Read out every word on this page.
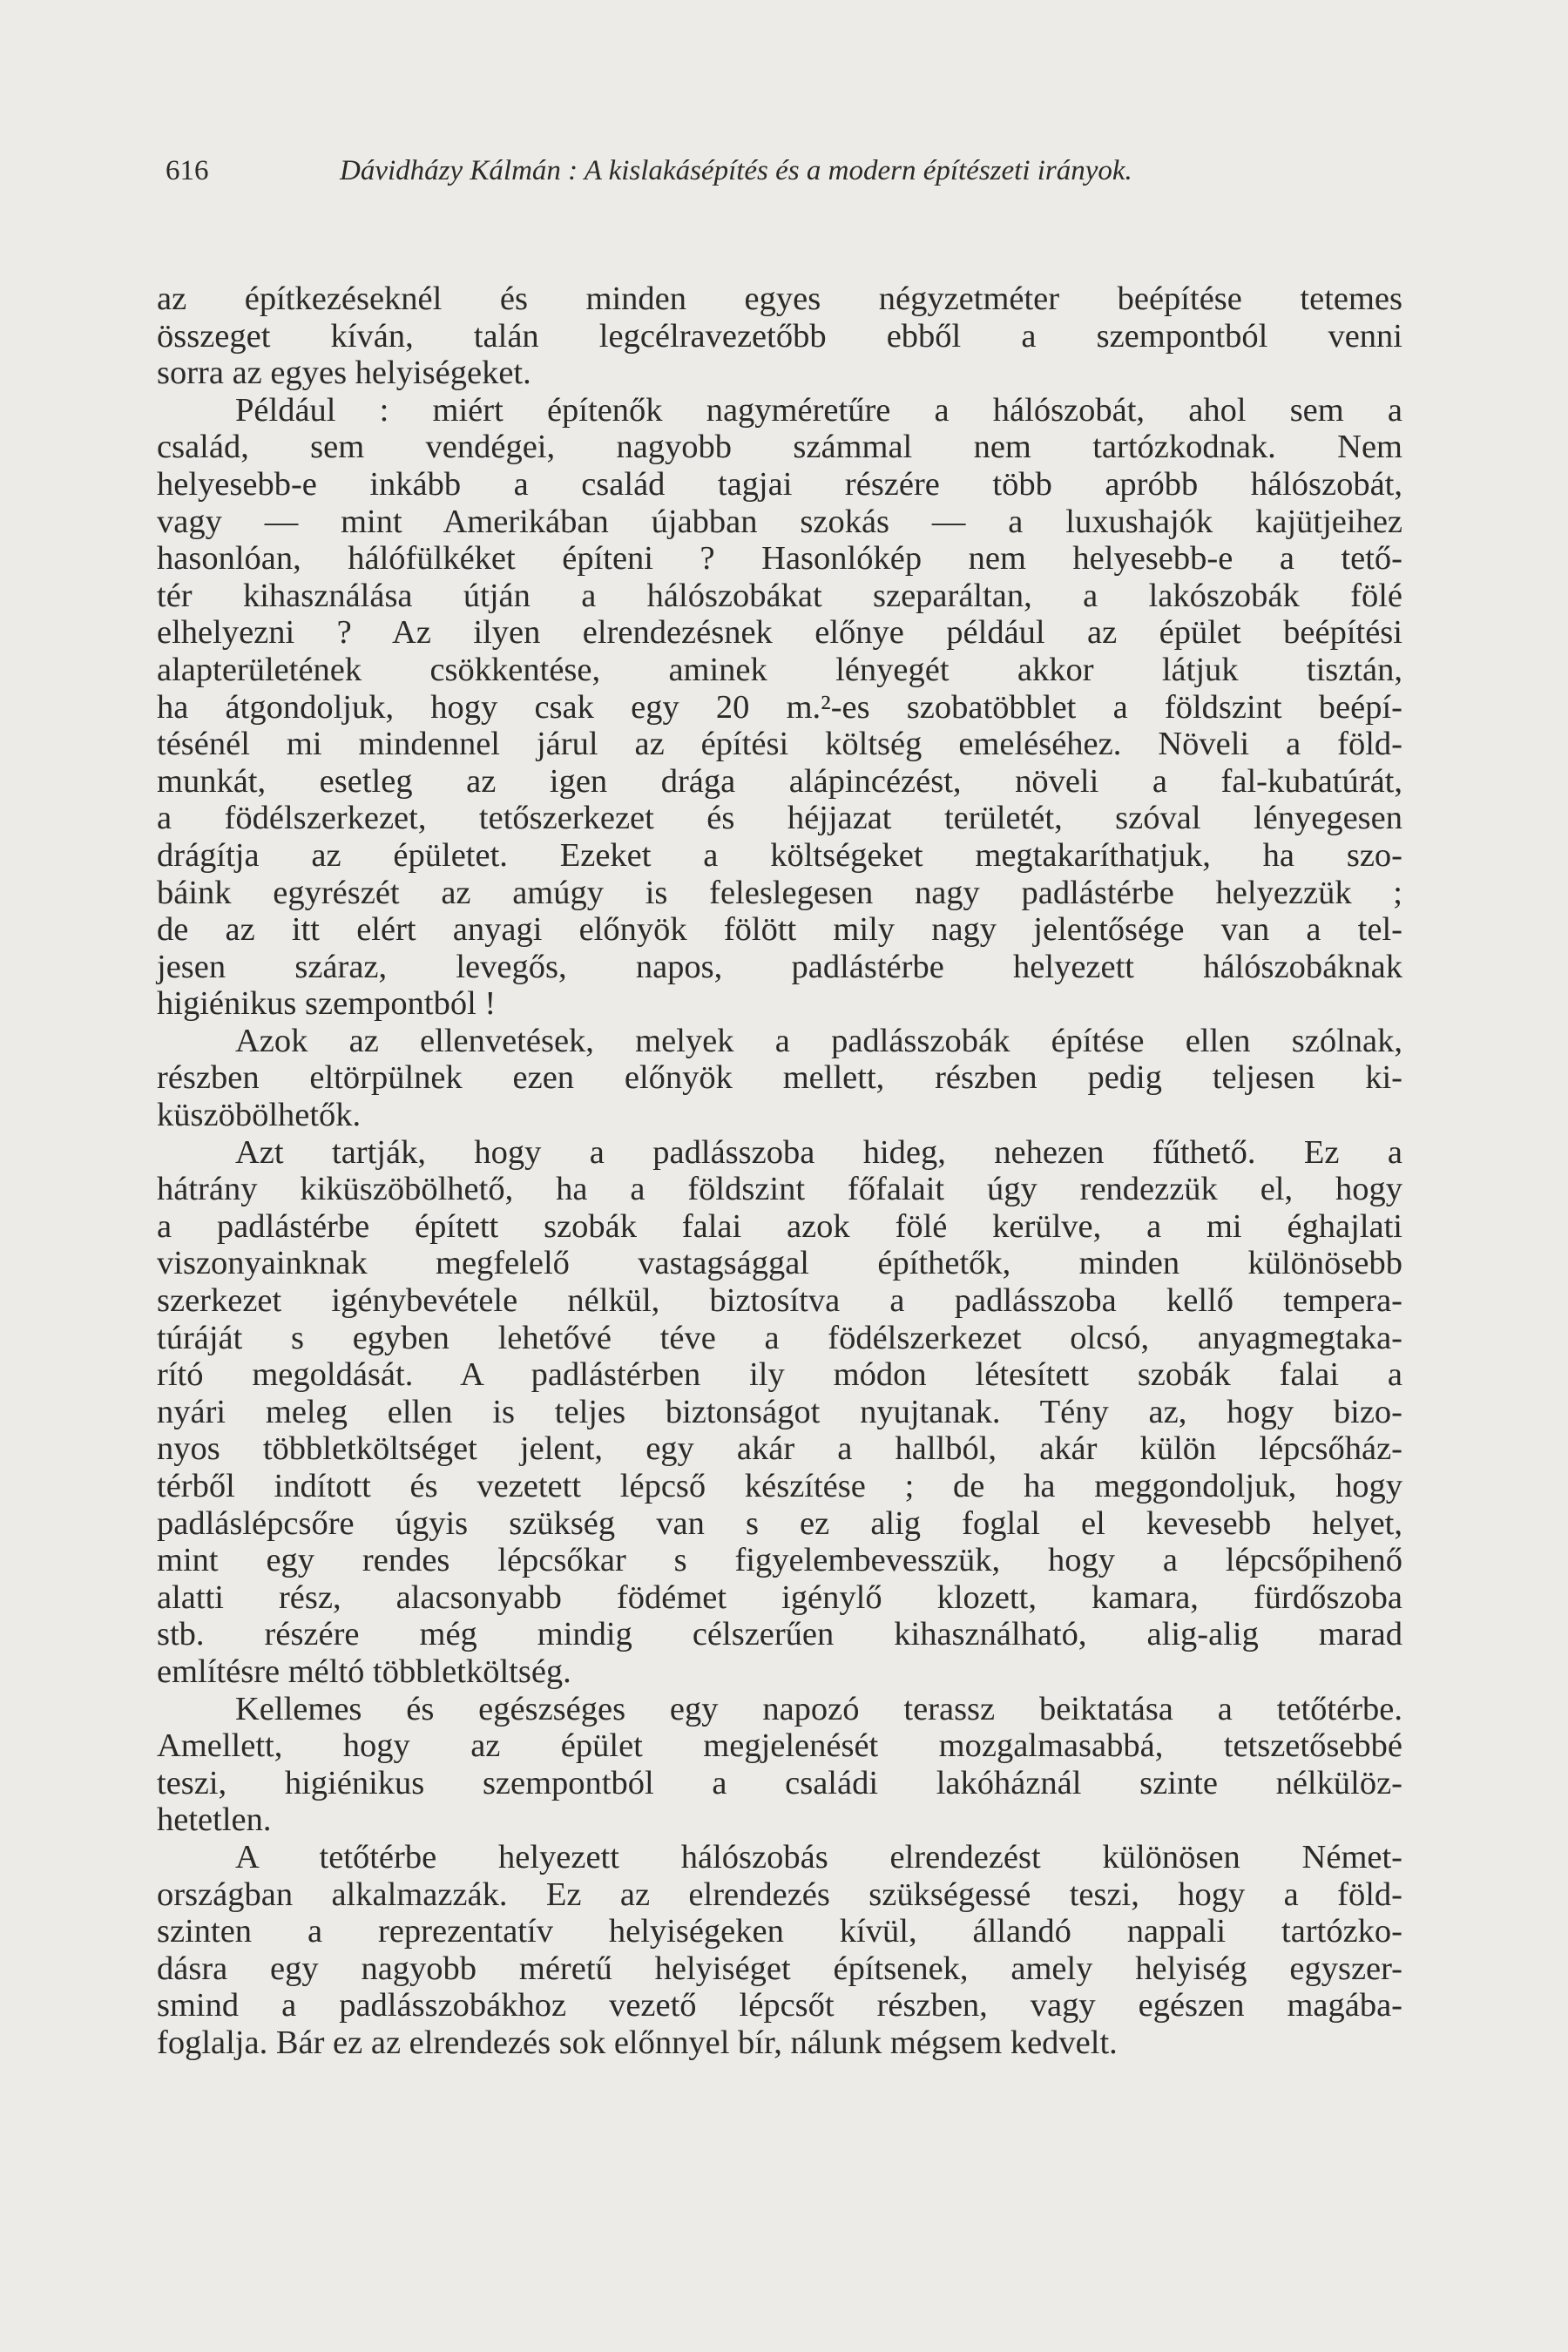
616	Dávidházy Kálmán : A kislakásépítés és a modern építészeti irányok.

az építkezéseknél és minden egyes négyzetméter beépítése tetemes
összeget kíván, talán legcélravezetőbb ebből a szempontból venni
sorra az egyes helyiségeket.

Például : miért építenők nagyméretűre a hálószobát, ahol sem a
család, sem vendégei, nagyobb számmal nem tartózkodnak. Nem
helyesebb-e inkább a család tagjai részére több apróbb hálószobát,
vagy — mint Amerikában újabban szokás — a luxushajók kajütjeihez
hasonlóan, hálófülkéket építeni ? Hasonlókép nem helyesebb-e a tető-
tér kihasználása útján a hálószobákat szeparáltan, a lakószobák fölé
elhelyezni ? Az ilyen elrendezésnek előnye például az épület beépítési
alapterületének csökkentése, aminek lényegét akkor látjuk tisztán,
ha átgondoljuk, hogy csak egy 20 m.²-es szobatöbblet a földszint beépí-
tésénél mi mindennel járul az építési költség emeléséhez. Növeli a föld-
munkát, esetleg az igen drága alápincézést, növeli a fal-kubatúrát,
a födélszerkezet, tetőszerkezet és héjjazat területét, szóval lényegesen
drágítja az épületet. Ezeket a költségeket megtakaríthatjuk, ha szo-
báink egyrészét az amúgy is feleslegesen nagy padlástérbe helyezzük ;
de az itt elért anyagi előnyök fölött mily nagy jelentősége van a tel-
jesen száraz, levegős, napos, padlástérbe helyezett hálószobáknak
higiénikus szempontból !

Azok az ellenvetések, melyek a padlásszobák építése ellen szólnak,
részben eltörpülnek ezen előnyök mellett, részben pedig teljesen ki-
küszöbölhetők.

Azt tartják, hogy a padlásszoba hideg, nehezen fűthető. Ez a
hátrány kiküszöbölhető, ha a földszint főfalait úgy rendezzük el, hogy
a padlástérbe épített szobák falai azok fölé kerülve, a mi éghajlati
viszonyainknak megfelelő vastagsággal építhetők, minden különösebb
szerkezet igénybevétele nélkül, biztosítva a padlásszoba kellő tempera-
túráját s egyben lehetővé téve a födélszerkezet olcsó, anyagmegtaka-
rító megoldását. A padlástérben ily módon létesített szobák falai a
nyári meleg ellen is teljes biztonságot nyujtanak. Tény az, hogy bizo-
nyos többletköltséget jelent, egy akár a hallból, akár külön lépcsőház-
térből indított és vezetett lépcső készítése ; de ha meggondoljuk, hogy
padláslépcsőre úgyis szükség van s ez alig foglal el kevesebb helyet,
mint egy rendes lépcsőkar s figyelembevesszük, hogy a lépcsőpihenő
alatti rész, alacsonyabb födémet igénylő klozett, kamara, fürdőszoba
stb. részére még mindig célszerűen kihasználható, alig-alig marad
említésre méltó többletköltség.

Kellemes és egészséges egy napozó terassz beiktatása a tetőtérbe.
Amellett, hogy az épület megjelenését mozgalmasabbá, tetszetősebbé
teszi, higiénikus szempontból a családi lakóháznál szinte nélkülöz-
hetetlen.

A tetőtérbe helyezett hálószobás elrendezést különösen Német-
országban alkalmazzák. Ez az elrendezés szükségessé teszi, hogy a föld-
szinten a reprezentatív helyiségeken kívül, állandó nappali tartózko-
dásra egy nagyobb méretű helyiséget építsenek, amely helyiség egyszer-
smind a padlásszobákhoz vezető lépcsőt részben, vagy egészen magába-
foglalja. Bár ez az elrendezés sok előnnyel bír, nálunk mégsem kedvelt.
